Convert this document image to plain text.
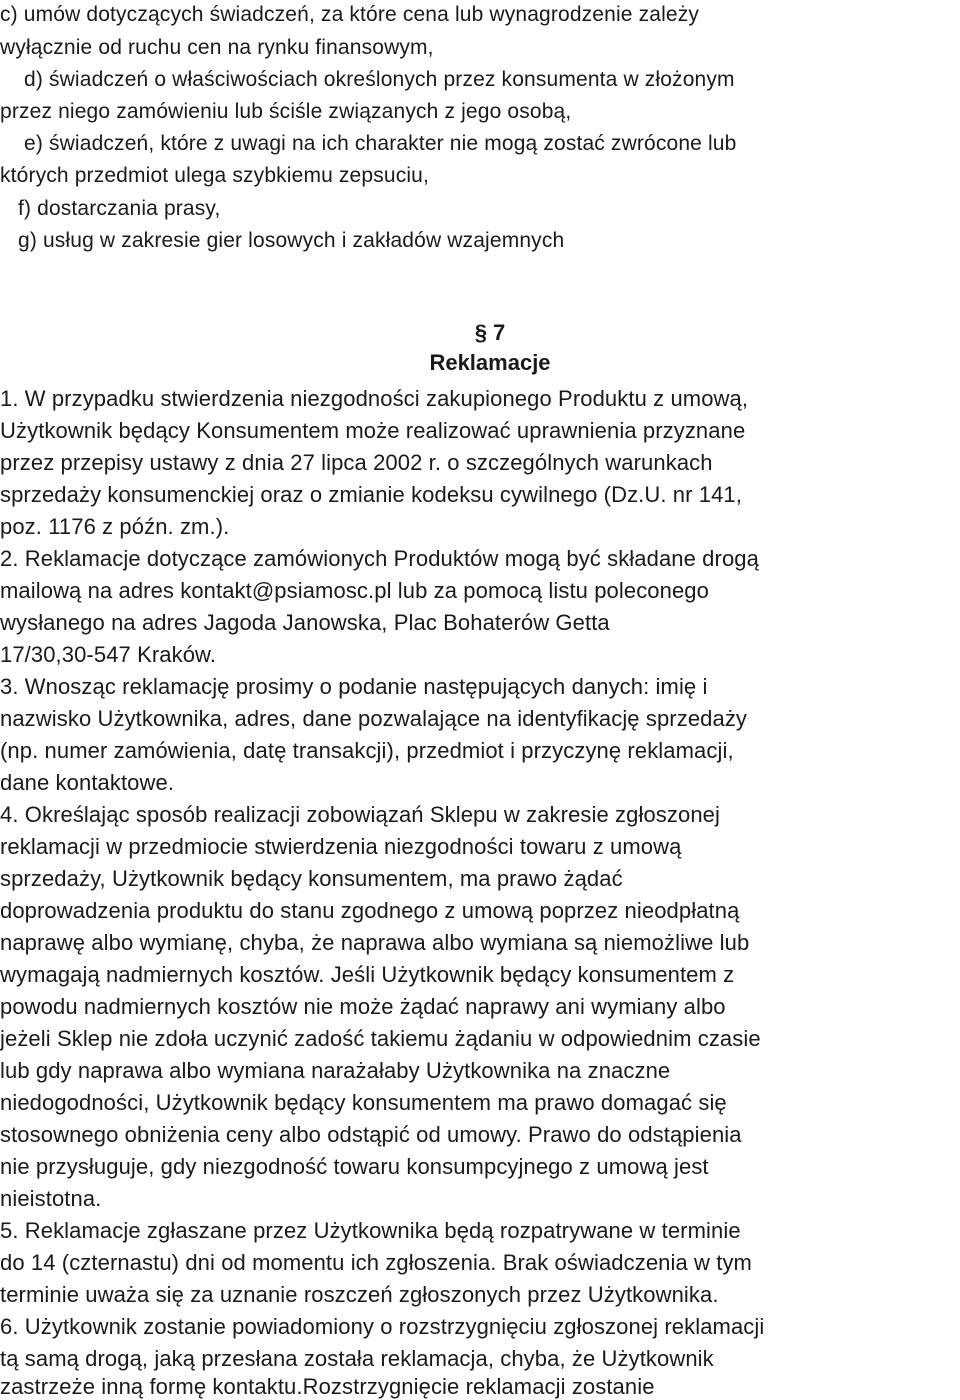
c) umów dotyczących świadczeń, za które cena lub wynagrodzenie zależy
wyłącznie od ruchu cen na rynku finansowym,
d) świadczeń o właściwościach określonych przez konsumenta w złożonym
przez niego zamówieniu lub ściśle związanych z jego osobą,
e) świadczeń, które z uwagi na ich charakter nie mogą zostać zwrócone lub
których przedmiot ulega szybkiemu zepsuciu,
f) dostarczania prasy,
g) usług w zakresie gier losowych i zakładów wzajemnych
§ 7
Reklamacje
1. W przypadku stwierdzenia niezgodności zakupionego Produktu z umową,
Użytkownik będący Konsumentem może realizować uprawnienia przyznane
przez przepisy ustawy z dnia 27 lipca 2002 r. o szczególnych warunkach
sprzedaży konsumenckiej oraz o zmianie kodeksu cywilnego (Dz.U. nr 141,
poz. 1176 z późn. zm.).
2. Reklamacje dotyczące zamówionych Produktów mogą być składane drogą
mailową na adres kontakt@psiamosc.pl lub za pomocą listu poleconego
wysłanego na adres Jagoda Janowska, Plac Bohaterów Getta
17/30,30-547 Kraków.
3. Wnosząc reklamację prosimy o podanie następujących danych: imię i
nazwisko Użytkownika, adres, dane pozwalające na identyfikację sprzedaży
(np. numer zamówienia, datę transakcji), przedmiot i przyczynę reklamacji,
dane kontaktowe.
4. Określając sposób realizacji zobowiązań Sklepu w zakresie zgłoszonej
reklamacji w przedmiocie stwierdzenia niezgodności towaru z umową
sprzedaży, Użytkownik będący konsumentem, ma prawo żądać
doprowadzenia produktu do stanu zgodnego z umową poprzez nieodpłatną
naprawę albo wymianę, chyba, że naprawa albo wymiana są niemożliwe lub
wymagają nadmiernych kosztów. Jeśli Użytkownik będący konsumentem z
powodu nadmiernych kosztów nie może żądać naprawy ani wymiany albo
jeżeli Sklep nie zdoła uczynić zadość takiemu żądaniu w odpowiednim czasie
lub gdy naprawa albo wymiana narażałaby Użytkownika na znaczne
niedogodności, Użytkownik będący konsumentem ma prawo domagać się
stosownego obniżenia ceny albo odstąpić od umowy. Prawo do odstąpienia
nie przysługuje, gdy niezgodność towaru konsumpcyjnego z umową jest
nieistotna.
5. Reklamacje zgłaszane przez Użytkownika będą rozpatrywane w terminie
do 14 (czternastu) dni od momentu ich zgłoszenia. Brak oświadczenia w tym
terminie uważa się za uznanie roszczeń zgłoszonych przez Użytkownika.
6. Użytkownik zostanie powiadomiony o rozstrzygnięciu zgłoszonej reklamacji
tą samą drogą, jaką przesłana została reklamacja, chyba, że Użytkownik
zastrzeże inną formę kontaktu.Rozstrzygnięcie reklamacji zostanie
